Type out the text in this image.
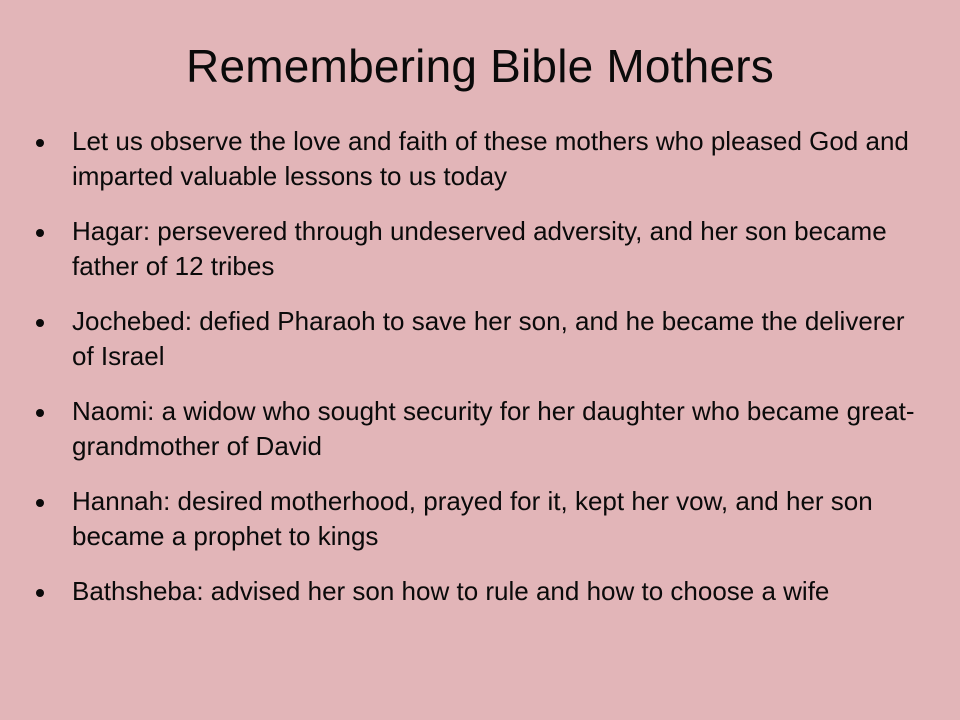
Remembering Bible Mothers
Let us observe the love and faith of these mothers who pleased God and imparted valuable lessons to us today
Hagar: persevered through undeserved adversity, and her son became father of 12 tribes
Jochebed: defied Pharaoh to save her son, and he became the deliverer of Israel
Naomi: a widow who sought security for her daughter who became great-grandmother of David
Hannah: desired motherhood, prayed for it, kept her vow, and her son became a prophet to kings
Bathsheba: advised her son how to rule and how to choose a wife
